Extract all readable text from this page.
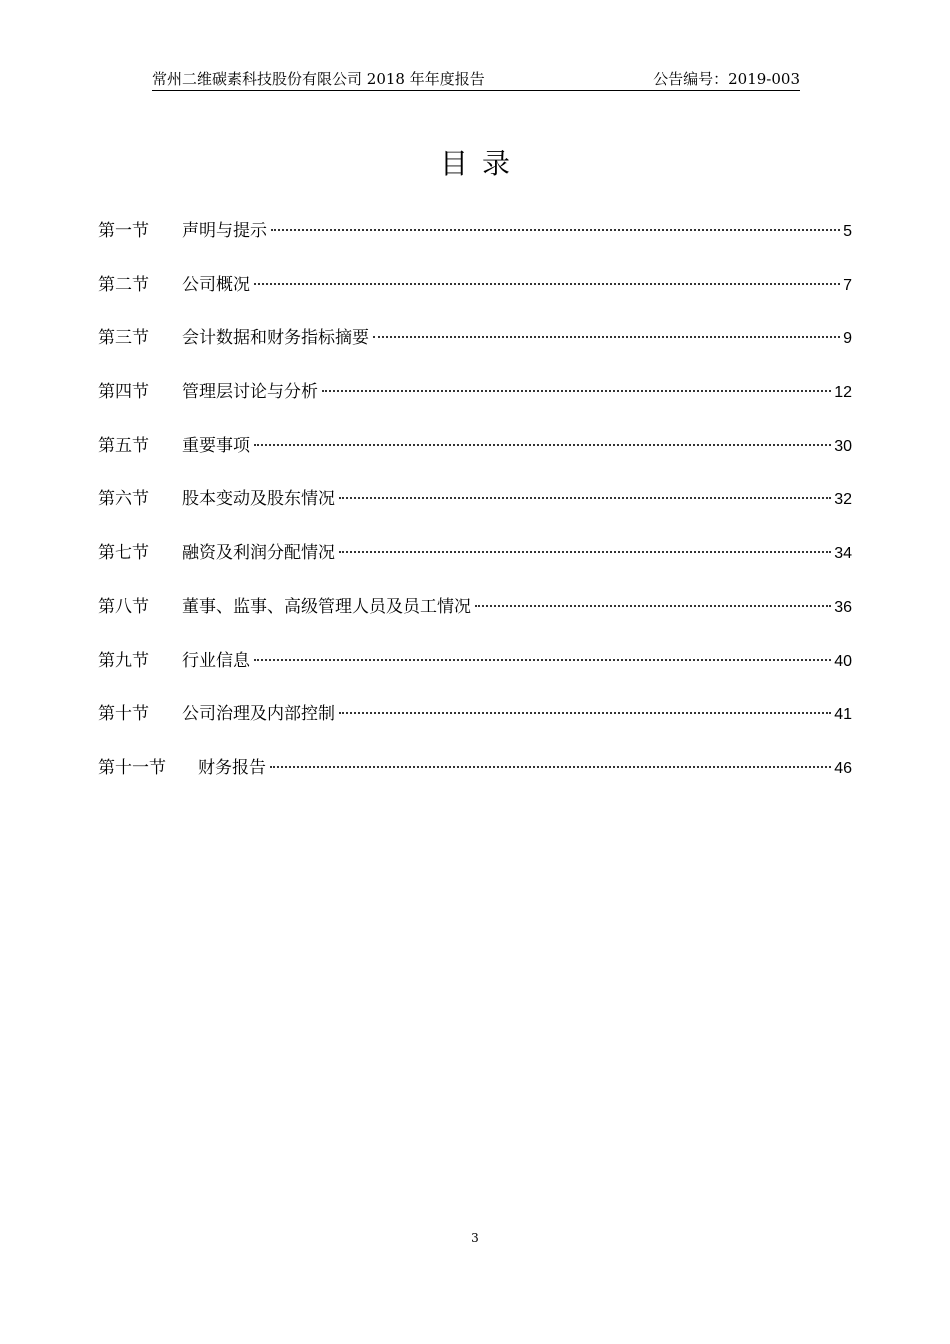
常州二维碳素科技股份有限公司 2018 年年度报告	公告编号：2019-003
目录
第一节	声明与提示	5
第二节	公司概况	7
第三节	会计数据和财务指标摘要	9
第四节	管理层讨论与分析	12
第五节	重要事项	30
第六节	股本变动及股东情况	32
第七节	融资及利润分配情况	34
第八节	董事、监事、高级管理人员及员工情况	36
第九节	行业信息	40
第十节	公司治理及内部控制	41
第十一节	财务报告	46
3
